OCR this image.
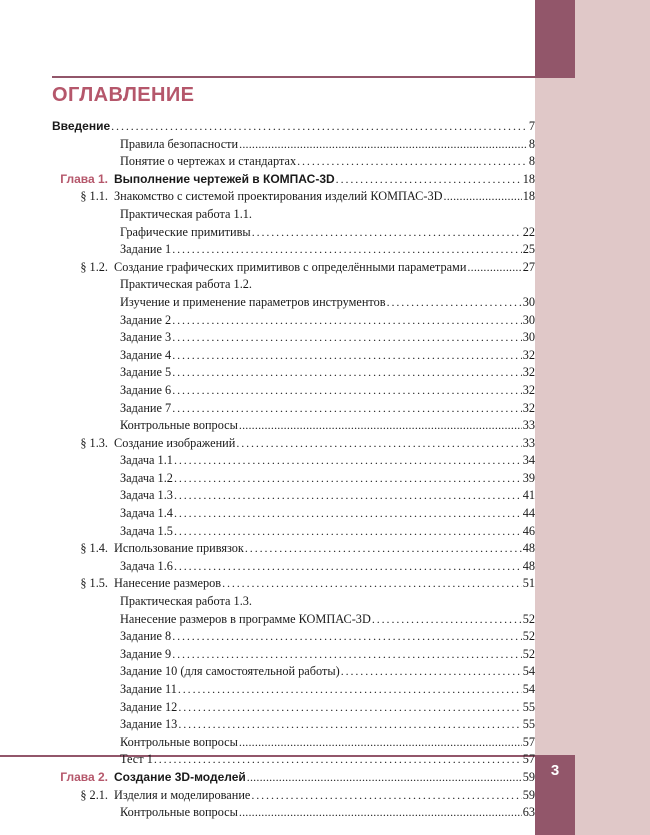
3
ОГЛАВЛЕНИЕ
Введение .....	7
Правила безопасности .....	8
Понятие о чертежах и стандартах .....	8
Глава 1. Выполнение чертежей в КОМПАС-3D .....	18
§ 1.1. Знакомство с системой проектирования изделий КОМПАС-3D .....	18
Практическая работа 1.1.
Графические примитивы .....	22
Задание 1 .....	25
§ 1.2. Создание графических примитивов с определёнными параметрами .....	27
Практическая работа 1.2.
Изучение и применение параметров инструментов .....	30
Задание 2 .....	30
Задание 3 .....	30
Задание 4 .....	32
Задание 5 .....	32
Задание 6 .....	32
Задание 7 .....	32
Контрольные вопросы .....	33
§ 1.3. Создание изображений .....	33
Задача 1.1 .....	34
Задача 1.2 .....	39
Задача 1.3 .....	41
Задача 1.4 .....	44
Задача 1.5 .....	46
§ 1.4. Использование привязок .....	48
Задача 1.6 .....	48
§ 1.5. Нанесение размеров .....	51
Практическая работа 1.3.
Нанесение размеров в программе КОМПАС-3D .....	52
Задание 8 .....	52
Задание 9 .....	52
Задание 10 (для самостоятельной работы) .....	54
Задание 11 .....	54
Задание 12 .....	55
Задание 13 .....	55
Контрольные вопросы .....	57
Тест 1 .....	57
Глава 2. Создание 3D-моделей .....	59
§ 2.1. Изделия и моделирование .....	59
Контрольные вопросы .....	63
